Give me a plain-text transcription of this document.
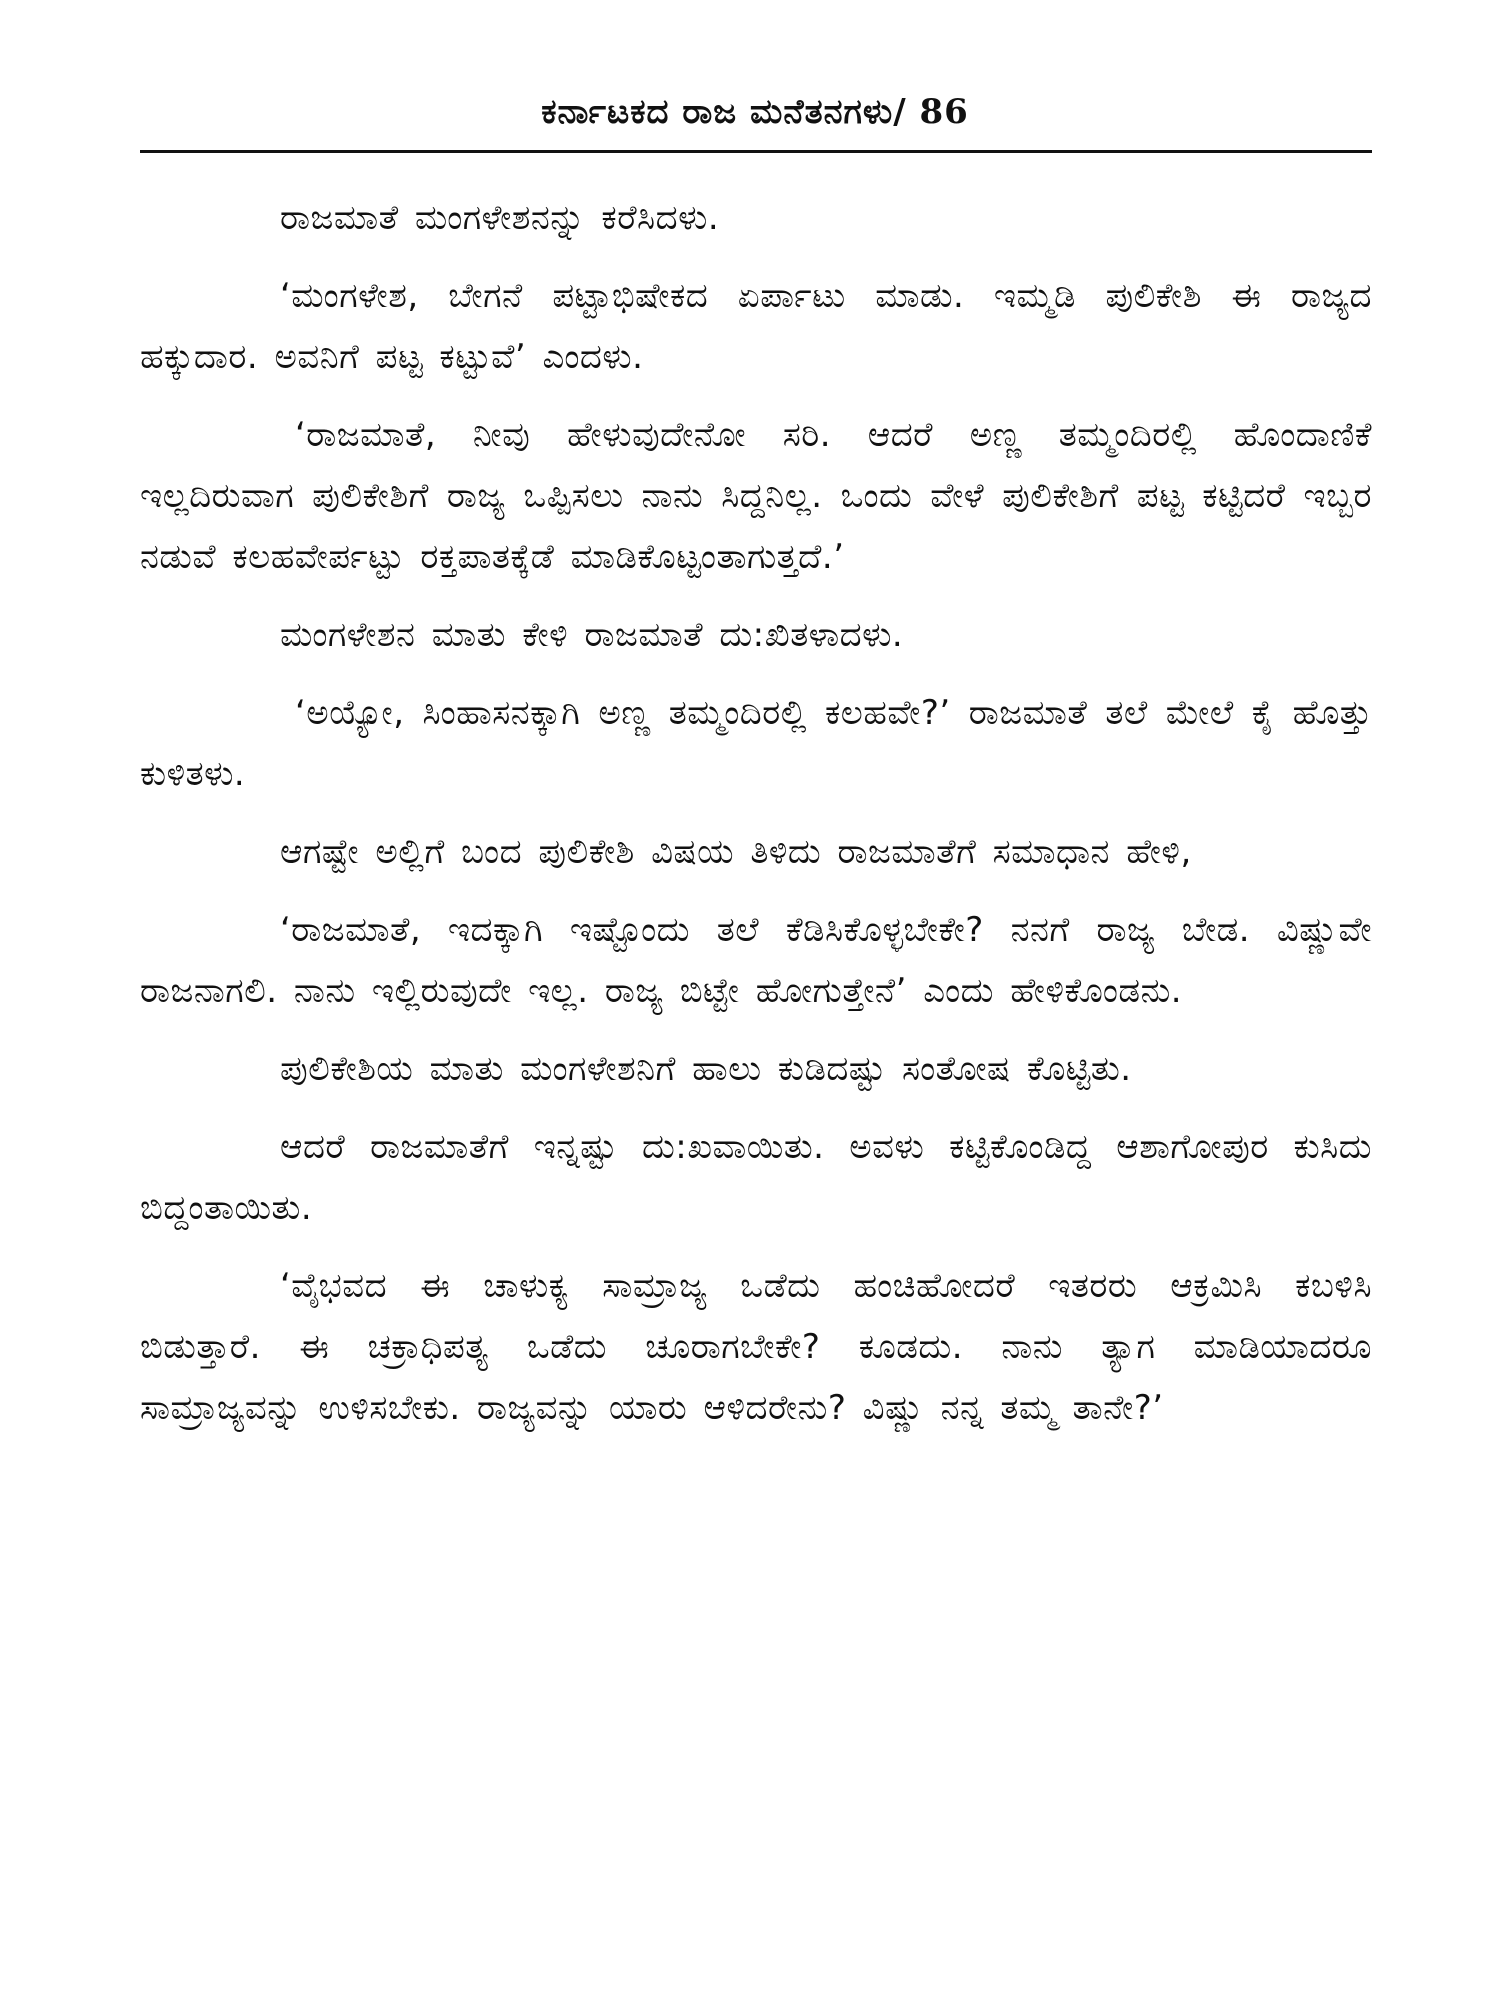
ಕರ್ನಾಟಕದ ರಾಜ ಮನೆತನಗಳು/ 86

ರಾಜಮಾತೆ ಮಂಗಳೇಶನನ್ನು ಕರೆಸಿದಳು.

‘ಮಂಗಳೇಶ, ಬೇಗನೆ ಪಟ್ಟಾಭಿಷೇಕದ ಏರ್ಪಾಟು ಮಾಡು. ಇಮ್ಮಡಿ ಪುಲಿಕೇಶಿ ಈ ರಾಜ್ಯದ ಹಕ್ಕುದಾರ. ಅವನಿಗೆ ಪಟ್ಟ ಕಟ್ಟುವೆ’ ಎಂದಳು.

‘ರಾಜಮಾತೆ, ನೀವು ಹೇಳುವುದೇನೋ ಸರಿ. ಆದರೆ ಅಣ್ಣ ತಮ್ಮಂದಿರಲ್ಲಿ ಹೊಂದಾಣಿಕೆ ಇಲ್ಲದಿರುವಾಗ ಪುಲಿಕೇಶಿಗೆ ರಾಜ್ಯ ಒಪ್ಪಿಸಲು ನಾನು ಸಿದ್ದನಿಲ್ಲ. ಒಂದು ವೇಳೆ ಪುಲಿಕೇಶಿಗೆ ಪಟ್ಟ ಕಟ್ಟಿದರೆ ಇಬ್ಬರ ನಡುವೆ ಕಲಹವೇರ್ಪಟ್ಟು ರಕ್ತಪಾತಕ್ಕೆಡೆ ಮಾಡಿಕೊಟ್ಟಂತಾಗುತ್ತದೆ.’

ಮಂಗಳೇಶನ ಮಾತು ಕೇಳಿ ರಾಜಮಾತೆ ದು:ಖಿತಳಾದಳು.

‘ಅಯ್ಯೋ, ಸಿಂಹಾಸನಕ್ಕಾಗಿ ಅಣ್ಣ ತಮ್ಮಂದಿರಲ್ಲಿ ಕಲಹವೇ?’ ರಾಜಮಾತೆ ತಲೆ ಮೇಲೆ ಕೈ ಹೊತ್ತು ಕುಳಿತಳು.

ಆಗಷ್ಟೇ ಅಲ್ಲಿಗೆ ಬಂದ ಪುಲಿಕೇಶಿ ವಿಷಯ ತಿಳಿದು ರಾಜಮಾತೆಗೆ ಸಮಾಧಾನ ಹೇಳಿ,

‘ರಾಜಮಾತೆ, ಇದಕ್ಕಾಗಿ ಇಷ್ಟೊಂದು ತಲೆ ಕೆಡಿಸಿಕೊಳ್ಳಬೇಕೇ? ನನಗೆ ರಾಜ್ಯ ಬೇಡ. ವಿಷ್ಣುವೇ ರಾಜನಾಗಲಿ. ನಾನು ಇಲ್ಲಿರುವುದೇ ಇಲ್ಲ. ರಾಜ್ಯ ಬಿಟ್ಟೇ ಹೋಗುತ್ತೇನೆ’ ಎಂದು ಹೇಳಿಕೊಂಡನು.

ಪುಲಿಕೇಶಿಯ ಮಾತು ಮಂಗಳೇಶನಿಗೆ ಹಾಲು ಕುಡಿದಷ್ಟು ಸಂತೋಷ ಕೊಟ್ಟಿತು.

ಆದರೆ ರಾಜಮಾತೆಗೆ ಇನ್ನಷ್ಟು ದು:ಖವಾಯಿತು. ಅವಳು ಕಟ್ಟಿಕೊಂಡಿದ್ದ ಆಶಾಗೋಪುರ ಕುಸಿದು ಬಿದ್ದಂತಾಯಿತು.

‘ವೈಭವದ ಈ ಚಾಳುಕ್ಯ ಸಾಮ್ರಾಜ್ಯ ಒಡೆದು ಹಂಚಿಹೋದರೆ ಇತರರು ಆಕ್ರಮಿಸಿ ಕಬಳಿಸಿ ಬಿಡುತ್ತಾರೆ. ಈ ಚಕ್ರಾಧಿಪತ್ಯ ಒಡೆದು ಚೂರಾಗಬೇಕೇ? ಕೂಡದು. ನಾನು ತ್ಯಾಗ ಮಾಡಿಯಾದರೂ ಸಾಮ್ರಾಜ್ಯವನ್ನು ಉಳಿಸಬೇಕು. ರಾಜ್ಯವನ್ನು ಯಾರು ಆಳಿದರೇನು? ವಿಷ್ಣು ನನ್ನ ತಮ್ಮ ತಾನೇ?’
